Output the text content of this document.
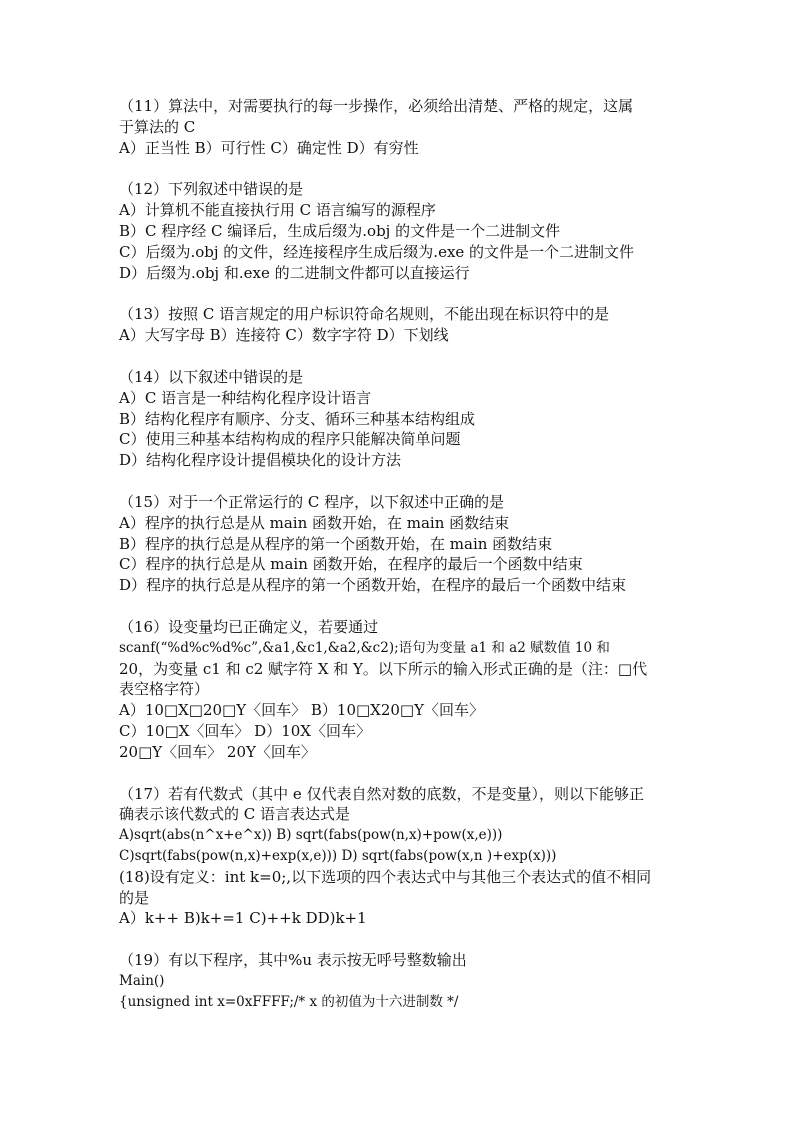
（11）算法中，对需要执行的每一步操作，必须给出清楚、严格的规定，这属
于算法的 C
A）正当性 B）可行性 C）确定性 D）有穷性
（12）下列叙述中错误的是
A）计算机不能直接执行用 C 语言编写的源程序
B）C 程序经 C 编译后，生成后缀为.obj 的文件是一个二进制文件
C）后缀为.obj 的文件，经连接程序生成后缀为.exe 的文件是一个二进制文件
D）后缀为.obj 和.exe 的二进制文件都可以直接运行
（13）按照 C 语言规定的用户标识符命名规则，不能出现在标识符中的是
A）大写字母 B）连接符 C）数字字符 D）下划线
（14）以下叙述中错误的是
A）C 语言是一种结构化程序设计语言
B）结构化程序有顺序、分支、循环三种基本结构组成
C）使用三种基本结构构成的程序只能解决简单问题
D）结构化程序设计提倡模块化的设计方法
（15）对于一个正常运行的 C 程序，以下叙述中正确的是
A）程序的执行总是从 main 函数开始，在 main 函数结束
B）程序的执行总是从程序的第一个函数开始，在 main 函数结束
C）程序的执行总是从 main 函数开始，在程序的最后一个函数中结束
D）程序的执行总是从程序的第一个函数开始，在程序的最后一个函数中结束
（16）设变量均已正确定义，若要通过
scanf(“%d%c%d%c”,&a1,&c1,&a2,&c2);语句为变量 a1 和 a2 赋数值 10 和
20，为变量 c1 和 c2 赋字符 X 和 Y。以下所示的输入形式正确的是（注：□代
表空格字符）
A）10□X□20□Y〈回车〉 B）10□X20□Y〈回车〉
C）10□X〈回车〉 D）10X〈回车〉
20□Y〈回车〉 20Y〈回车〉
（17）若有代数式（其中 e 仅代表自然对数的底数，不是变量），则以下能够正
确表示该代数式的 C 语言表达式是
A)sqrt(abs(n^x+e^x)) B) sqrt(fabs(pow(n,x)+pow(x,e)))
C)sqrt(fabs(pow(n,x)+exp(x,e))) D) sqrt(fabs(pow(x,n )+exp(x)))
(18)设有定义：int k=0;,以下选项的四个表达式中与其他三个表达式的值不相同
的是
A）k++ B)k+=1 C)++k DD)k+1
（19）有以下程序，其中%u 表示按无呼号整数输出
Main()
{unsigned int x=0xFFFF;/* x 的初值为十六进制数 */
